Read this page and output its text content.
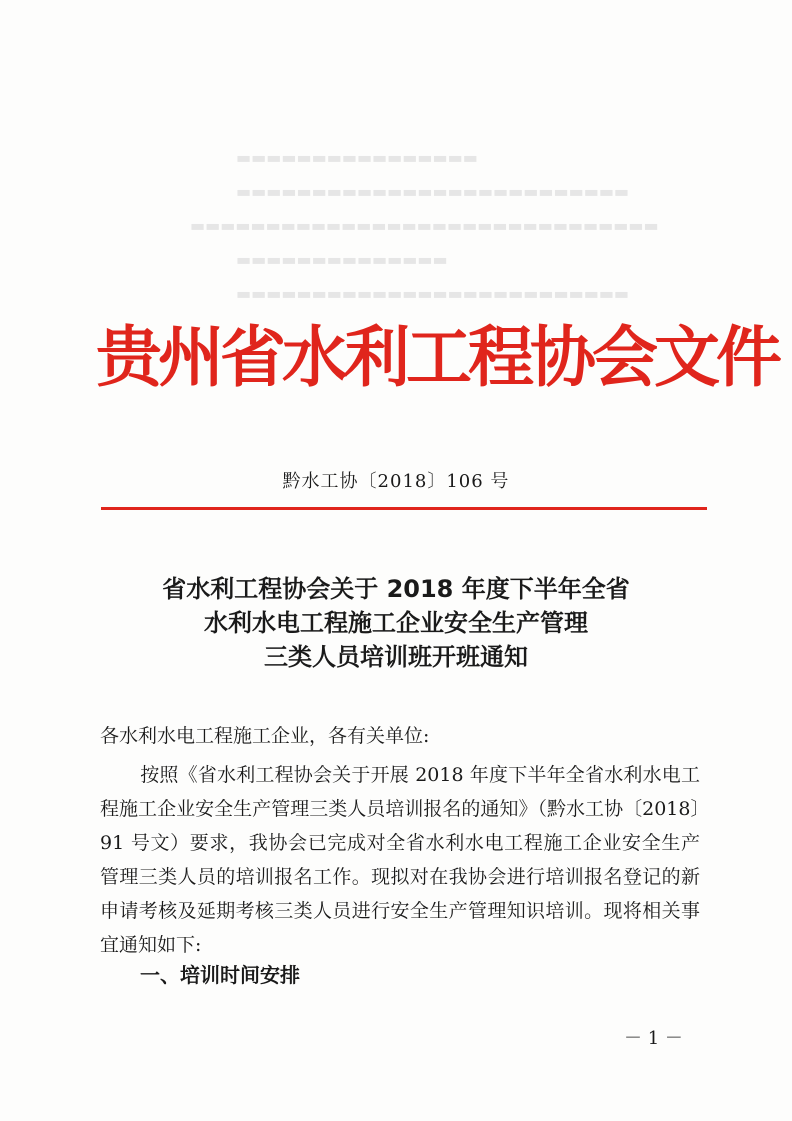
▬▬▬▬▬▬▬▬▬▬▬▬▬▬▬▬
▬▬▬▬▬▬▬▬▬▬▬▬▬▬▬▬▬▬▬▬▬▬▬▬▬▬
▬▬▬▬▬▬▬▬▬▬▬▬▬▬▬▬▬▬▬▬▬▬▬▬▬▬▬▬▬▬▬
▬▬▬▬▬▬▬▬▬▬▬▬▬▬
▬▬▬▬▬▬▬▬▬▬▬▬▬▬▬▬▬▬▬▬▬▬▬▬▬▬
贵州省水利工程协会文件
黔水工协〔2018〕106 号
省水利工程协会关于 2018 年度下半年全省
水利水电工程施工企业安全生产管理
三类人员培训班开班通知
各水利水电工程施工企业，各有关单位:
按照《省水利工程协会关于开展 2018 年度下半年全省水利水电工程施工企业安全生产管理三类人员培训报名的通知》（黔水工协〔2018〕91 号文）要求，我协会已完成对全省水利水电工程施工企业安全生产管理三类人员的培训报名工作。现拟对在我协会进行培训报名登记的新申请考核及延期考核三类人员进行安全生产管理知识培训。现将相关事宜通知如下:
一、培训时间安排
－ 1 －
